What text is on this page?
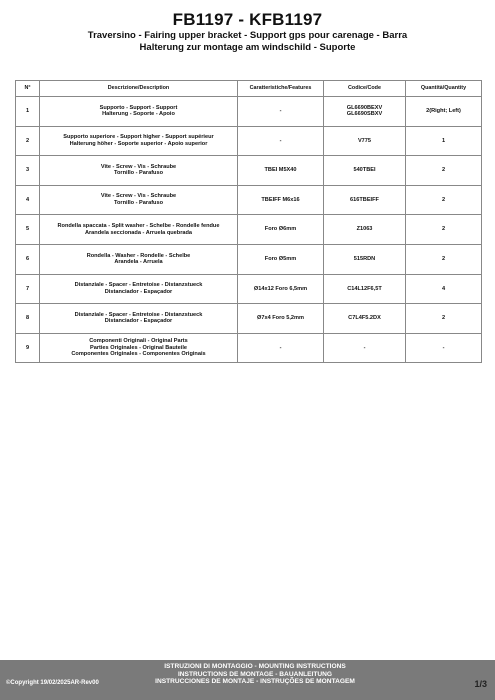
FB1197 - KFB1197
Traversino - Fairing upper bracket - Support gps pour carenage - Barra
Halterung zur montage am windschild - Suporte
N°	Descrizione/Description	Caratteristiche/Features	Codice/Code	Quantità/Quantity
1	Supporto - Support - Support
Halterung - Soporte - Apoio	-	GL6690BEXV
GL6690SBXV	2(Right; Left)
2	Supporto superiore - Support higher - Support supérieur
Halterung höher - Soporte superior - Apoio superior	-	V775	1
3	Vite - Screw - Vis - Schraube
Tornillo - Parafuso	TBEI M5X40	540TBEI	2
4	Vite - Screw - Vis - Schraube
Tornillo - Parafuso	TBEIFF M6x16	616TBEIFF	2
5	Rondella spaccata - Split washer - Schelbe - Rondelle fendue
Arandela seccionada - Arruela quebrada	Foro Ø6mm	Z1063	2
6	Rondella - Washer - Rondelle - Schelbe
Arandela - Arruela	Foro Ø5mm	515RDN	2
7	Distanziale - Spacer - Entretoise - Distanzstueck
Distanciador - Espaçador	Ø14x12 Foro 6,5mm	C14L12F6,5T	4
8	Distanziale - Spacer - Entretoise - Distanzstueck
Distanciador - Espaçador	Ø7x4 Foro 5,2mm	C7L4F5.2DX	2
9	Componenti Originali - Original Parts
Parties Originales - Original Bauteile
Componentes Originales - Componentes Originais	-	-	-
ISTRUZIONI DI MONTAGGIO - MOUNTING INSTRUCTIONS
INSTRUCTIONS DE MONTAGE - BAUANLEITUNG
INSTRUCCIONES DE MONTAJE - INSTRUÇÕES DE MONTAGEM
©Copyright 19/02/2025AR-Rev00	1/3
